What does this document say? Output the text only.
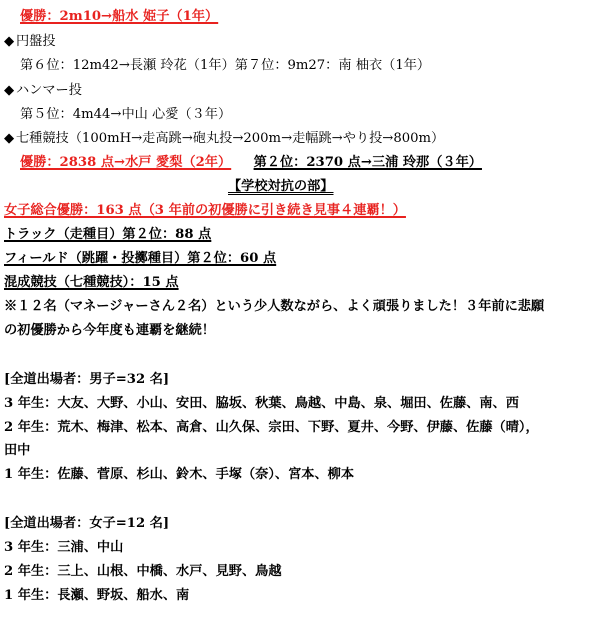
優勝：2m10→船水 姫子（1年）
◆ 円盤投
第６位：12m42→長瀬 玲花（1年）第７位：9m27：南 柚衣（1年）
◆ ハンマー投
第５位：4m44→中山 心愛（３年）
◆ 七種競技（100mH→走高跳→砲丸投→200m→走幅跳→やり投→800m）
優勝：2838 点→水戸 愛梨（2年） 第２位：2370 点→三浦 玲那（３年）
【学校対抗の部】
女子総合優勝：163 点（3 年前の初優勝に引き続き見事４連覇！）
トラック（走種目）第２位：88 点
フィールド（跳躍・投擲種目）第２位：60 点
混成競技（七種競技）：15 点
※１２名（マネージャーさん２名）という少人数ながら、よく頑張りました！３年前に悲願
の初優勝から今年度も連覇を継続！
[全道出場者：男子=32 名]
3 年生：大友、大野、小山、安田、脇坂、秋葉、鳥越、中島、泉、堀田、佐藤、南、西
2 年生：荒木、梅津、松本、高倉、山久保、宗田、下野、夏井、今野、伊藤、佐藤（晴），
田中
1 年生：佐藤、菅原、杉山、鈴木、手塚（奈）、宮本、柳本
[全道出場者：女子=12 名]
3 年生：三浦、中山
2 年生：三上、山根、中橋、水戸、見野、鳥越
1 年生：長瀬、野坂、船水、南
